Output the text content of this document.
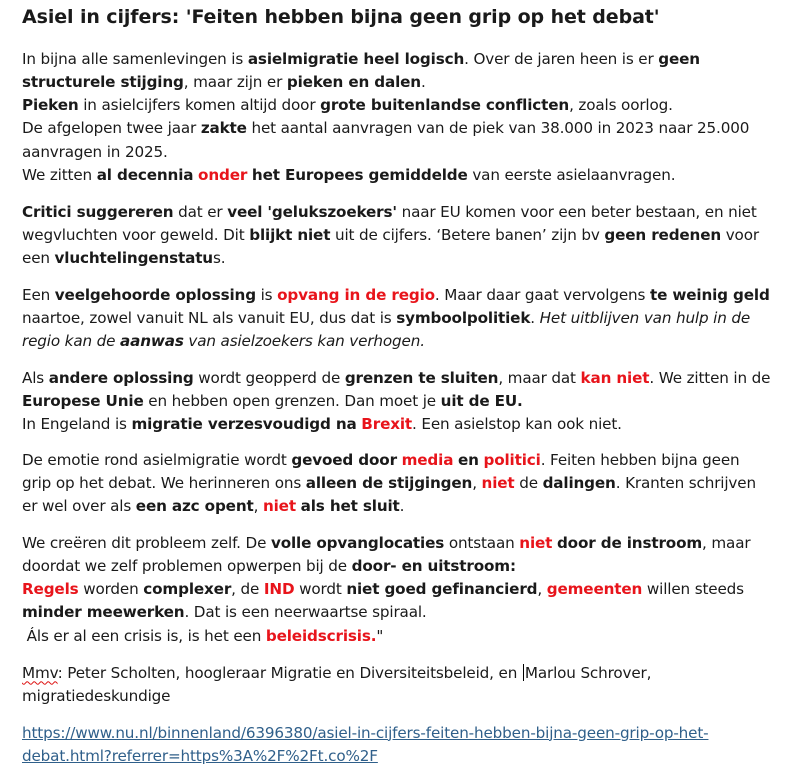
Asiel in cijfers: 'Feiten hebben bijna geen grip op het debat'
In bijna alle samenlevingen is asielmigratie heel logisch. Over de jaren heen is er geen
structurele stijging, maar zijn er pieken en dalen.
Pieken in asielcijfers komen altijd door grote buitenlandse conflicten, zoals oorlog.
De afgelopen twee jaar zakte het aantal aanvragen van de piek van 38.000 in 2023 naar 25.000
aanvragen in 2025.
We zitten al decennia onder het Europees gemiddelde van eerste asielaanvragen.
Critici suggereren dat er veel 'gelukszoekers' naar EU komen voor een beter bestaan, en niet
wegvluchten voor geweld. Dit blijkt niet uit de cijfers. ‘Betere banen’ zijn bv geen redenen voor
een vluchtelingenstatus.
Een veelgehoorde oplossing is opvang in de regio. Maar daar gaat vervolgens te weinig geld
naartoe, zowel vanuit NL als vanuit EU, dus dat is symboolpolitiek. Het uitblijven van hulp in de
regio kan de aanwas van asielzoekers kan verhogen.
Als andere oplossing wordt geopperd de grenzen te sluiten, maar dat kan niet. We zitten in de
Europese Unie en hebben open grenzen. Dan moet je uit de EU.
In Engeland is migratie verzesvoudigd na Brexit. Een asielstop kan ook niet.
De emotie rond asielmigratie wordt gevoed door media en politici. Feiten hebben bijna geen
grip op het debat. We herinneren ons alleen de stijgingen, niet de dalingen. Kranten schrijven
er wel over als een azc opent, niet als het sluit.
We creëren dit probleem zelf. De volle opvanglocaties ontstaan niet door de instroom, maar
doordat we zelf problemen opwerpen bij de door- en uitstroom:
Regels worden complexer, de IND wordt niet goed gefinancierd, gemeenten willen steeds
minder meewerken. Dat is een neerwaartse spiraal.
Áls er al een crisis is, is het een beleidscrisis."
Mmv: Peter Scholten, hoogleraar Migratie en Diversiteitsbeleid, en Marlou Schrover,
migratiedeskundige
https://www.nu.nl/binnenland/6396380/asiel-in-cijfers-feiten-hebben-bijna-geen-grip-op-het-
debat.html?referrer=https%3A%2F%2Ft.co%2F
